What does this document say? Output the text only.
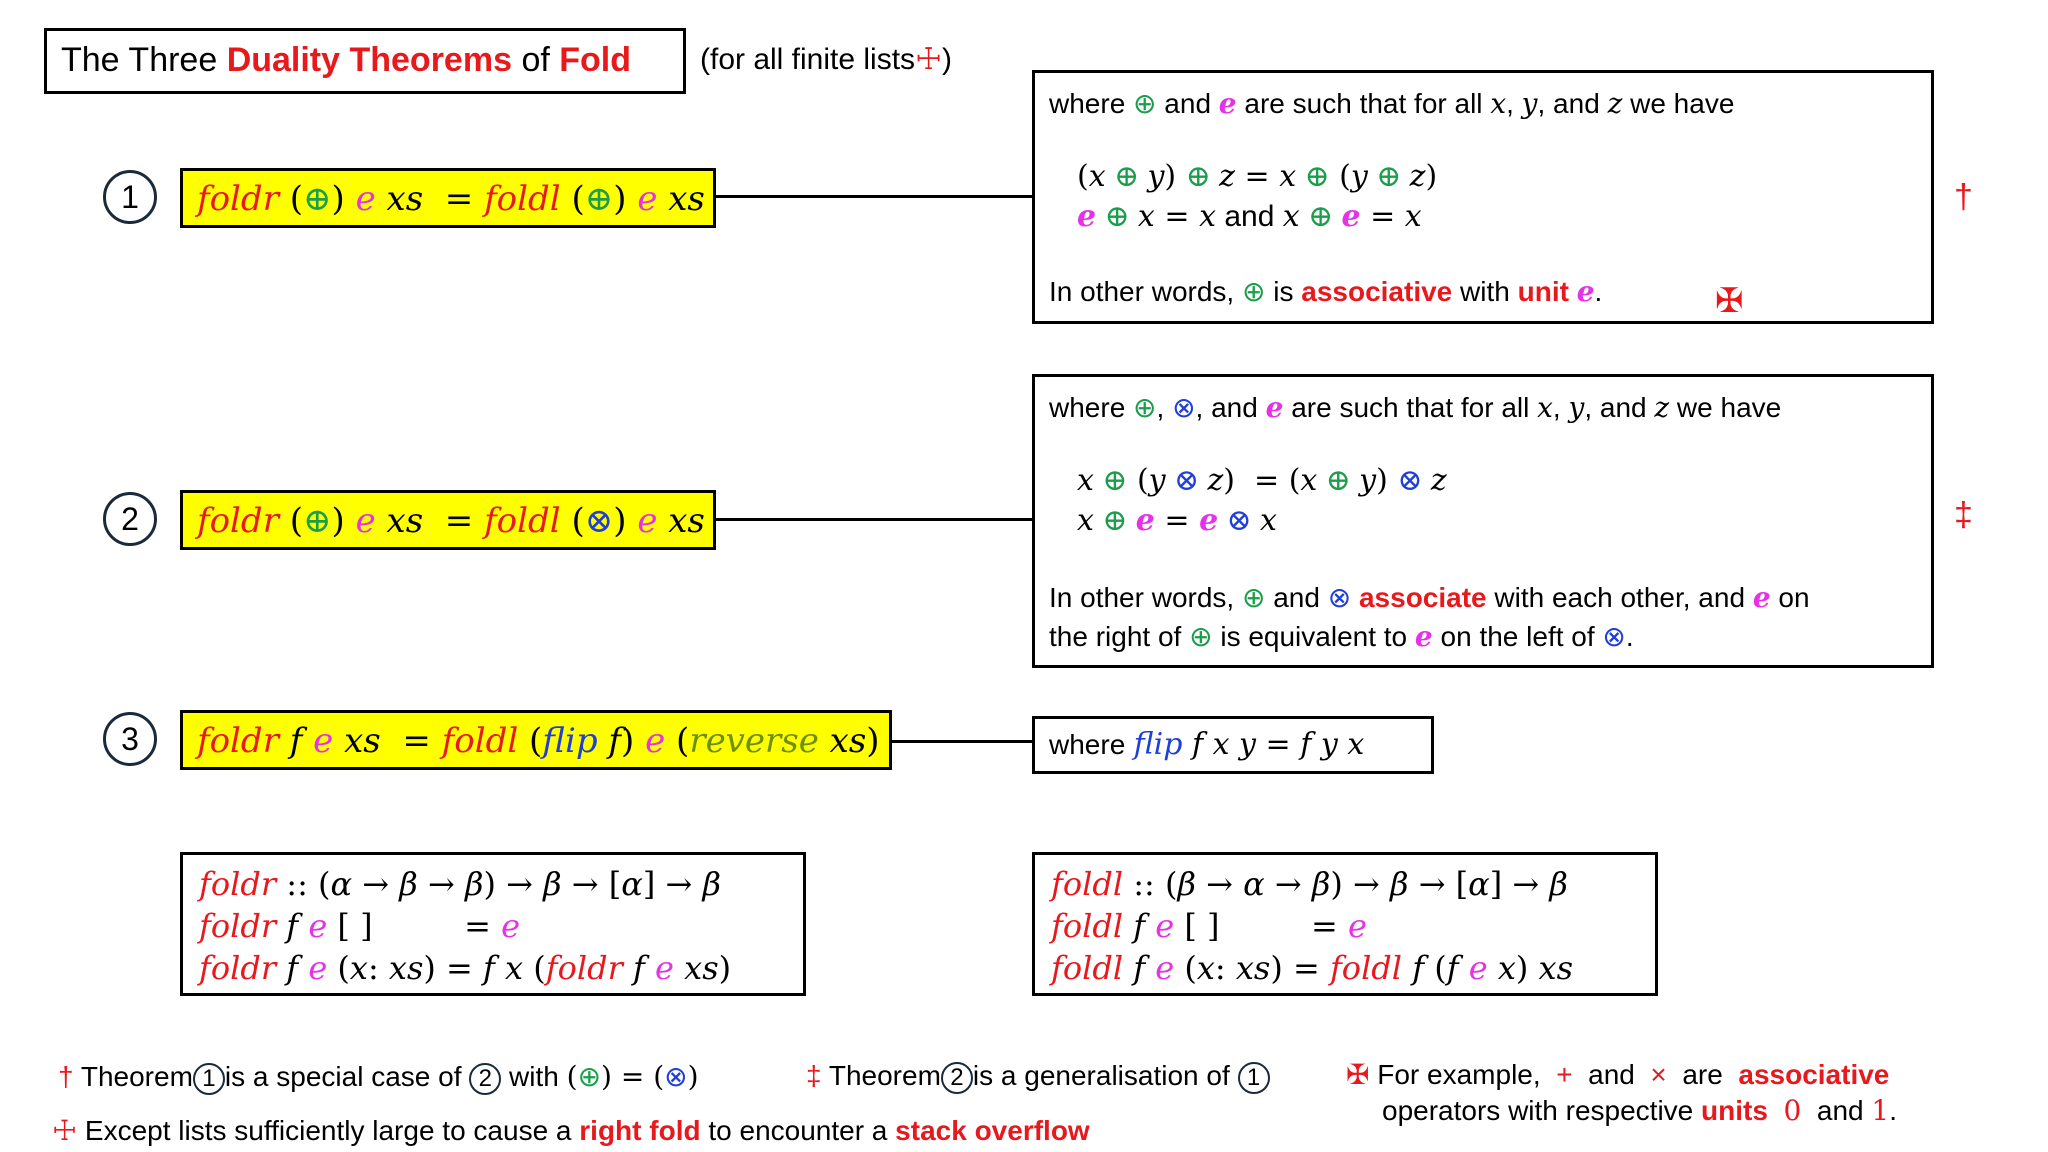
The Three Duality Theorems of Fold (for all finite lists☩)
1	foldr (⊕) e xs  = foldl (⊕) e xs
where ⊕ and e are such that for all x, y, and z we have
(x ⊕ y) ⊕ z = x ⊕ (y ⊕ z)
e ⊕ x = x and x ⊕ e = x
In other words, ⊕ is associative with unit e.	✠
†
2	foldr (⊕) e xs  = foldl (⊗) e xs
where ⊕, ⊗, and e are such that for all x, y, and z we have
x ⊕ (y ⊗ z)  = (x ⊕ y) ⊗ z
x ⊕ e = e ⊗ x
In other words, ⊕ and ⊗ associate with each other, and e on
the right of ⊕ is equivalent to e on the left of ⊗.
‡
3	foldr f e xs  = foldl (flip f) e (reverse xs)	where flip f x y = f y x
foldr :: (α → β → β) → β → [α] → β
foldr f e [ ]         = e
foldr f e (x: xs) = f x (foldr f e xs)
foldl :: (β → α → β) → β → [α] → β
foldl f e [ ]         = e
foldl f e (x: xs) = foldl f (f e x) xs
† Theorem 1 is a special case of 2 with (⊕) = (⊗)	‡ Theorem 2 is a generalisation of 1
☩ Except lists sufficiently large to cause a right fold to encounter a stack overflow
✠ For example, + and × are associative
operators with respective units 0 and 1.
